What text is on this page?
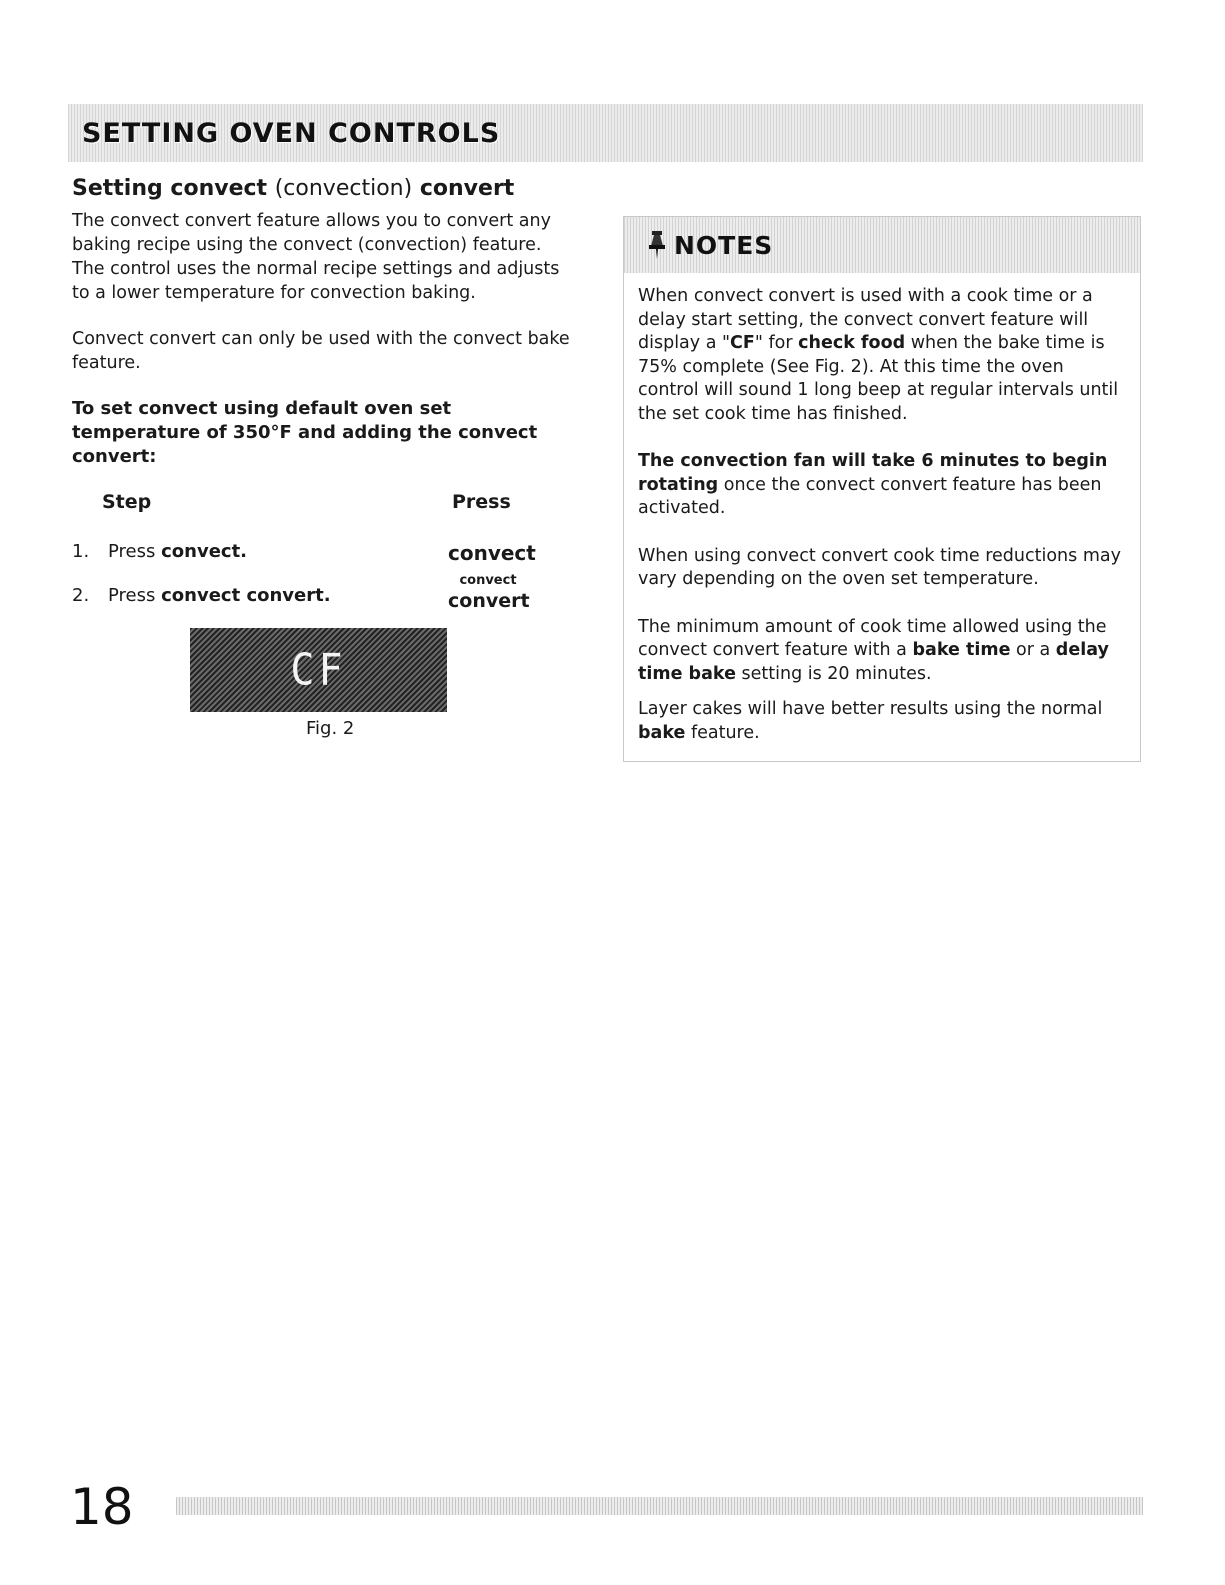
SETTING OVEN CONTROLS
Setting convect (convection) convert

The convect convert feature allows you to convert any baking recipe using the convect (convection) feature. The control uses the normal recipe settings and adjusts to a lower temperature for convection baking.

Convect convert can only be used with the convect bake feature.

To set convect using default oven set temperature of 350°F and adding the convect convert:

Step	Press
1. Press convect.	convect
2. Press convect convert.
convect
convert
CF
Fig. 2
NOTES

When convect convert is used with a cook time or a delay start setting, the convect convert feature will display a "CF" for check food when the bake time is 75% complete (See Fig. 2). At this time the oven control will sound 1 long beep at regular intervals until the set cook time has finished.

The convection fan will take 6 minutes to begin rotating once the convect convert feature has been activated.

When using convect convert cook time reductions may vary depending on the oven set temperature.

The minimum amount of cook time allowed using the convect convert feature with a bake time or a delay time bake setting is 20 minutes.

Layer cakes will have better results using the normal bake feature.

18
